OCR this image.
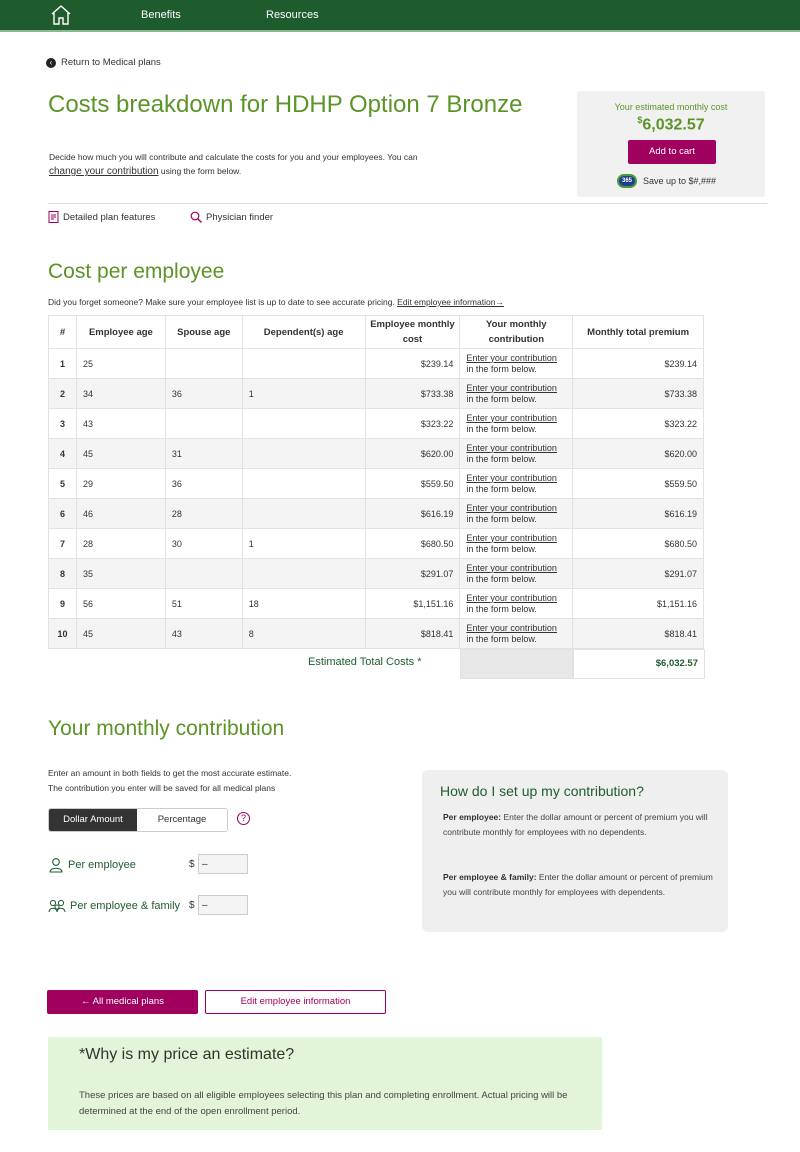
Benefits	Resources
‹ Return to Medical plans
Costs breakdown for HDHP Option 7 Bronze
Decide how much you will contribute and calculate the costs for you and your employees. You can
change your contribution using the form below.
Your estimated monthly cost
$6,032.57
Add to cart
365	Save up to $#,###
Detailed plan features	Physician finder
Cost per employee
Did you forget someone? Make sure your employee list is up to date to see accurate pricing. Edit employee information→
#	Employee age	Spouse age	Dependent(s) age	Employee monthly cost	Your monthly contribution	Monthly total premium
1	25			$239.14	Enter your contribution
in the form below.	$239.14
2	34	36	1	$733.38	Enter your contribution
in the form below.	$733.38
3	43			$323.22	Enter your contribution
in the form below.	$323.22
4	45	31		$620.00	Enter your contribution
in the form below.	$620.00
5	29	36		$559.50	Enter your contribution
in the form below.	$559.50
6	46	28		$616.19	Enter your contribution
in the form below.	$616.19
7	28	30	1	$680.50	Enter your contribution
in the form below.	$680.50
8	35			$291.07	Enter your contribution
in the form below.	$291.07
9	56	51	18	$1,151.16	Enter your contribution
in the form below.	$1,151.16
10	45	43	8	$818.41	Enter your contribution
in the form below.	$818.41
Estimated Total Costs *	$6,032.57
Your monthly contribution
Enter an amount in both fields to get the most accurate estimate.
The contribution you enter will be saved for all medical plans
Dollar Amount	Percentage	?
Per employee	$
–
Per employee & family $
–
How do I set up my contribution?

Per employee: Enter the dollar amount or percent of premium you will contribute monthly for employees with no dependents.

Per employee & family: Enter the dollar amount or percent of premium you will contribute monthly for employees with dependents.

← All medical plans	Edit employee information
*Why is my price an estimate?
These prices are based on all eligible employees selecting this plan and completing enrollment. Actual pricing will be determined at the end of the open enrollment period.
